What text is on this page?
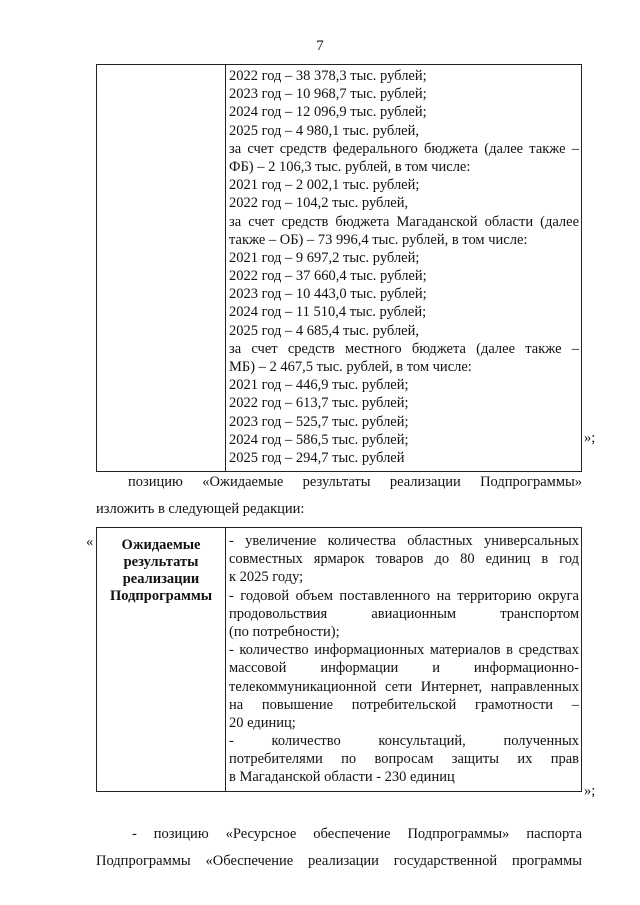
7

2022 год – 38 378,3 тыс. рублей;
2023 год – 10 968,7 тыс. рублей;
2024 год – 12 096,9 тыс. рублей;
2025 год – 4 980,1 тыс. рублей,
за счет средств федерального бюджета (далее также –
ФБ) – 2 106,3 тыс. рублей, в том числе:
2021 год – 2 002,1 тыс. рублей;
2022 год – 104,2 тыс. рублей,
за счет средств бюджета Магаданской области (далее
также – ОБ) – 73 996,4 тыс. рублей, в том числе:
2021 год – 9 697,2 тыс. рублей;
2022 год – 37 660,4 тыс. рублей;
2023 год – 10 443,0 тыс. рублей;
2024 год – 11 510,4 тыс. рублей;
2025 год – 4 685,4 тыс. рублей,
за счет средств местного бюджета (далее также –
МБ) – 2 467,5 тыс. рублей, в том числе:
2021 год – 446,9 тыс. рублей;
2022 год – 613,7 тыс. рублей;
2023 год – 525,7 тыс. рублей;
2024 год – 586,5 тыс. рублей;
2025 год – 294,7 тыс. рублей
»;
позицию «Ожидаемые результаты реализации Подпрограммы»
изложить в следующей редакции:
« Ожидаемые результаты реализации Подпрограммы	
- увеличение количества областных универсальных
совместных ярмарок товаров до 80 единиц в год
к 2025 году;
- годовой объем поставленного на территорию округа
продовольствия авиационным транспортом
(по потребности);
- количество информационных материалов в средствах
массовой информации и информационно-
телекоммуникационной сети Интернет, направленных
на повышение потребительской грамотности –
20 единиц;
- количество консультаций, полученных
потребителями по вопросам защиты их прав
в Магаданской области - 230 единиц
»;
- позицию «Ресурсное обеспечение Подпрограммы» паспорта
Подпрограммы «Обеспечение реализации государственной программы
